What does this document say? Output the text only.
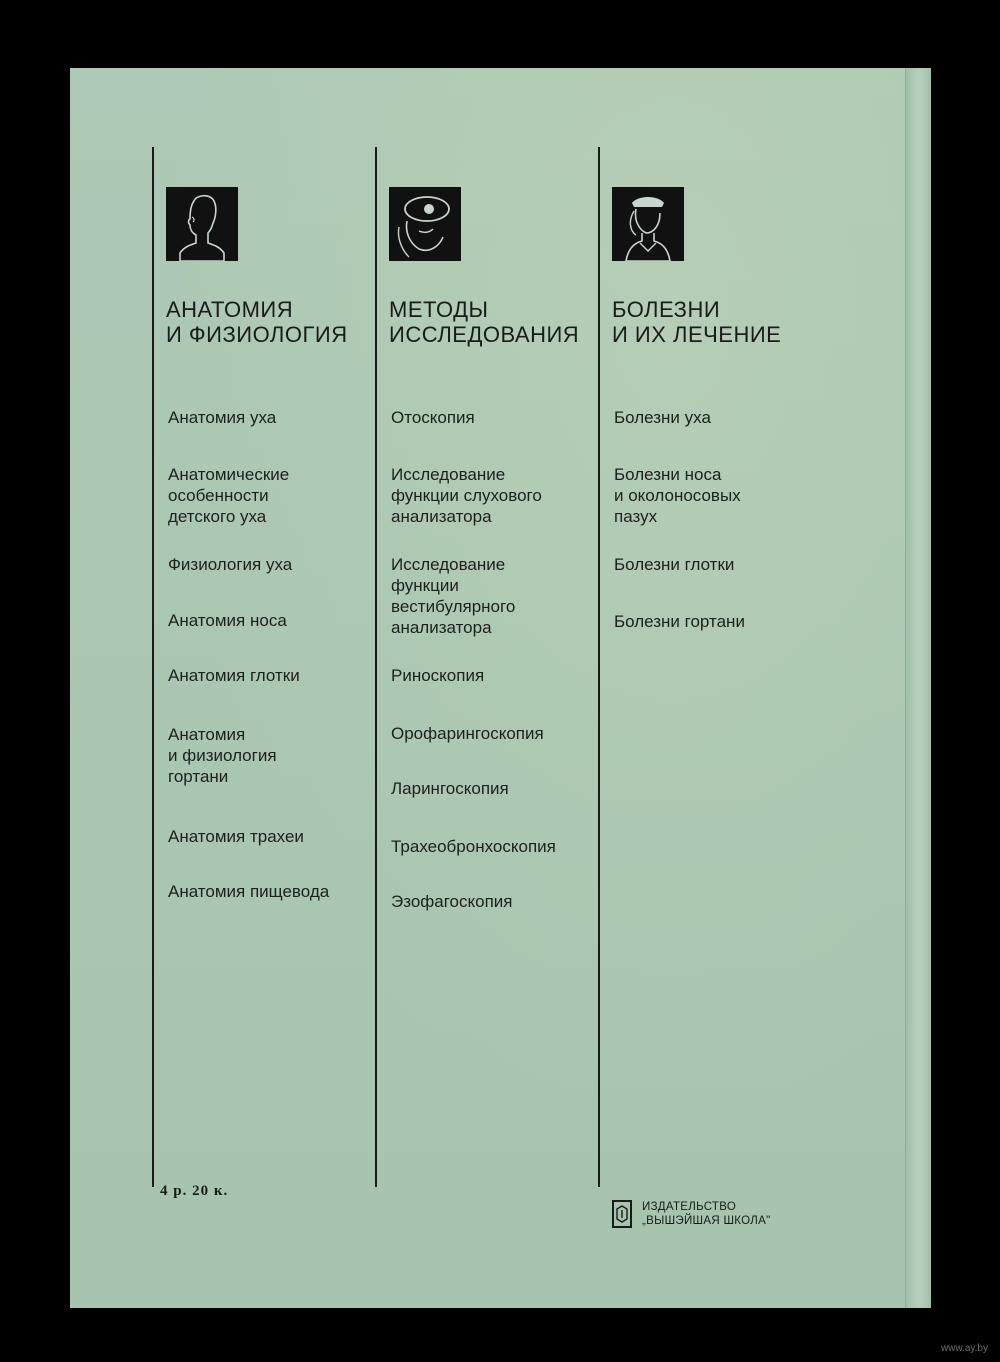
АНАТОМИЯ
И ФИЗИОЛОГИЯ
Анатомия уха
Анатомические
особенности
детского уха
Физиология уха
Анатомия носа
Анатомия глотки
Анатомия
и физиология
гортани
Анатомия трахеи
Анатомия пищевода
МЕТОДЫ
ИССЛЕДОВАНИЯ
Отоскопия
Исследование
функции слухового
анализатора
Исследование
функции
вестибулярного
анализатора
Риноскопия
Орофарингоскопия
Ларингоскопия
Трахеобронхоскопия
Эзофагоскопия
БОЛЕЗНИ
И ИХ ЛЕЧЕНИЕ
Болезни уха
Болезни носа
и околоносовых
пазух
Болезни глотки
Болезни гортани
4 р. 20 к.
ИЗДАТЕЛЬСТВО
„ВЫШЭЙШАЯ ШКОЛА"
www.ay.by
